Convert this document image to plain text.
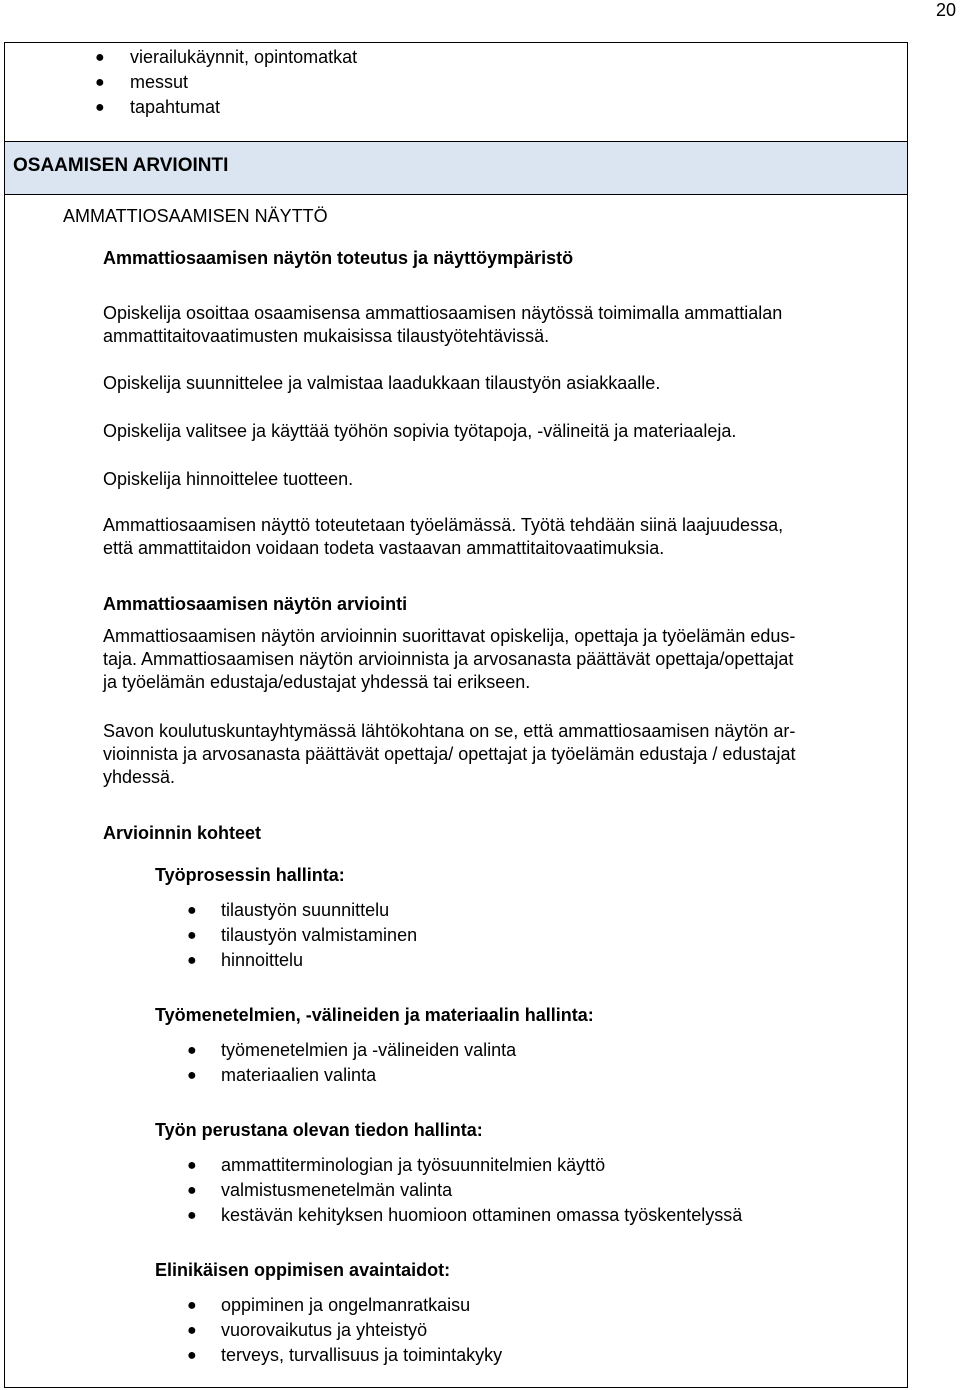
20
● vierailukäynnit, opintomatkat
● messut
● tapahtumat
OSAAMISEN ARVIOINTI
AMMATTIOSAAMISEN NÄYTTÖ
Ammattiosaamisen näytön toteutus ja näyttöympäristö
Opiskelija osoittaa osaamisensa ammattiosaamisen näytössä toimimalla ammattialan
ammattitaitovaatimusten mukaisissa tilaustyötehtävissä.
Opiskelija suunnittelee ja valmistaa laadukkaan tilaustyön asiakkaalle.
Opiskelija valitsee ja käyttää työhön sopivia työtapoja, -välineitä ja materiaaleja.
Opiskelija hinnoittelee tuotteen.
Ammattiosaamisen näyttö toteutetaan työelämässä. Työtä tehdään siinä laajuudessa,
että ammattitaidon voidaan todeta vastaavan ammattitaitovaatimuksia.
Ammattiosaamisen näytön arviointi
Ammattiosaamisen näytön arvioinnin suorittavat opiskelija, opettaja ja työelämän edus-
taja. Ammattiosaamisen näytön arvioinnista ja arvosanasta päättävät opettaja/opettajat
ja työelämän edustaja/edustajat yhdessä tai erikseen.
Savon koulutuskuntayhtymässä lähtökohtana on se, että ammattiosaamisen näytön ar-
vioinnista ja arvosanasta päättävät opettaja/ opettajat ja työelämän edustaja / edustajat
yhdessä.
Arvioinnin kohteet
Työprosessin hallinta:
● tilaustyön suunnittelu
● tilaustyön valmistaminen
● hinnoittelu
Työmenetelmien, -välineiden ja materiaalin hallinta:
● työmenetelmien ja -välineiden valinta
● materiaalien valinta
Työn perustana olevan tiedon hallinta:
● ammattiterminologian ja työsuunnitelmien käyttö
● valmistusmenetelmän valinta
● kestävän kehityksen huomioon ottaminen omassa työskentelyssä
Elinikäisen oppimisen avaintaidot:
● oppiminen ja ongelmanratkaisu
● vuorovaikutus ja yhteistyö
● terveys, turvallisuus ja toimintakyky
